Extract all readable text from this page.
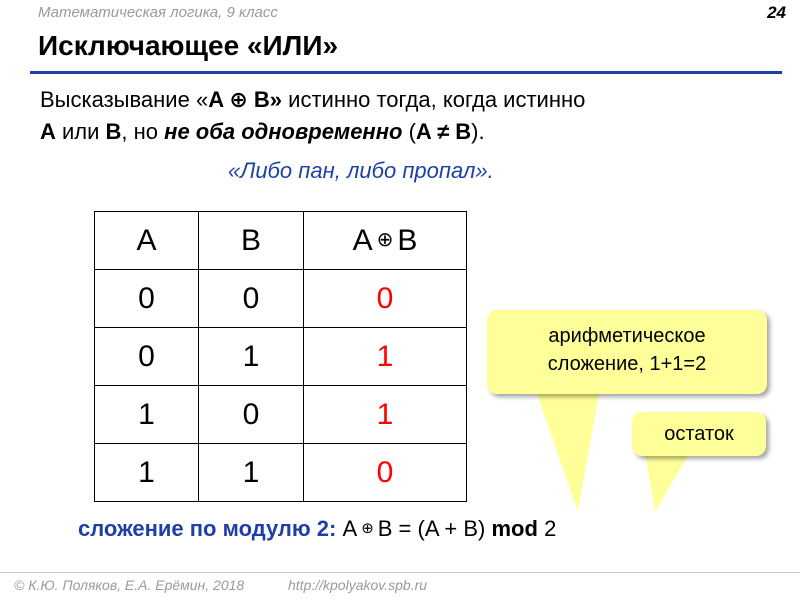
Математическая логика, 9 класс	24
Исключающее «ИЛИ»
Высказывание «A ⊕ B» истинно тогда, когда истинно
A или B, но не оба одновременно (A ≠ B).
«Либо пан, либо пропал».
A	B	A ⊕ B
0	0	0
0	1	1
1	0	1
1	1	0
арифметическое
сложение, 1+1=2
остаток
сложение по модулю 2: A ⊕ B = (A + B) mod 2
© К.Ю. Поляков, Е.А. Ерёмин, 2018	http://kpolyakov.spb.ru
